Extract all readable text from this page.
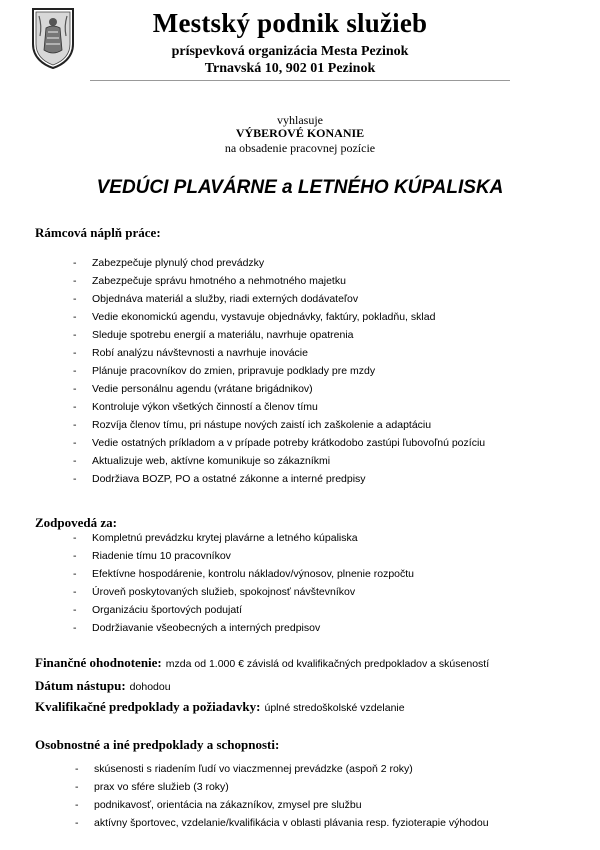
Mestský podnik služieb
príspevková organizácia Mesta Pezinok
Trnavská 10, 902 01 Pezinok
vyhlasuje
VÝBEROVÉ KONANIE
na obsadenie pracovnej pozície
VEDÚCI PLAVÁRNE a LETNÉHO KÚPALISKA
Rámcová náplň práce:
- Zabezpečuje plynulý chod prevádzky
- Zabezpečuje správu hmotného a nehmotného majetku
- Objednáva materiál a služby, riadi externých dodávateľov
- Vedie ekonomickú agendu, vystavuje objednávky, faktúry, pokladňu, sklad
- Sleduje spotrebu energií a materiálu, navrhuje opatrenia
- Robí analýzu návštevnosti a navrhuje inovácie
- Plánuje pracovníkov do zmien, pripravuje podklady pre mzdy
- Vedie personálnu agendu (vrátane brigádnikov)
- Kontroluje výkon všetkých činností a členov tímu
- Rozvíja členov tímu, pri nástupe nových zaistí ich zaškolenie a adaptáciu
- Vedie ostatných príkladom a v prípade potreby krátkodobo zastúpi ľubovoľnú pozíciu
- Aktualizuje web, aktívne komunikuje so zákazníkmi
- Dodržiava BOZP, PO a ostatné zákonne a interné predpisy
Zodpovedá za:
- Kompletnú prevádzku krytej plavárne a letného kúpaliska
- Riadenie tímu 10 pracovníkov
- Efektívne hospodárenie, kontrolu nákladov/výnosov, plnenie rozpočtu
- Úroveň poskytovaných služieb, spokojnosť návštevníkov
- Organizáciu športových podujatí
- Dodržiavanie všeobecných a interných predpisov
Finančné ohodnotenie: mzda od 1.000 € závislá od kvalifikačných predpokladov a skúseností
Dátum nástupu: dohodou
Kvalifikačné predpoklady a požiadavky: úplné stredoškolské vzdelanie
Osobnostné a iné predpoklady a schopnosti:
- skúsenosti s riadením ľudí vo viaczmennej prevádzke (aspoň 2 roky)
- prax vo sfére služieb (3 roky)
- podnikavosť, orientácia na zákazníkov, zmysel pre službu
- aktívny športovec, vzdelanie/kvalifikácia v oblasti plávania resp. fyzioterapie výhodou
